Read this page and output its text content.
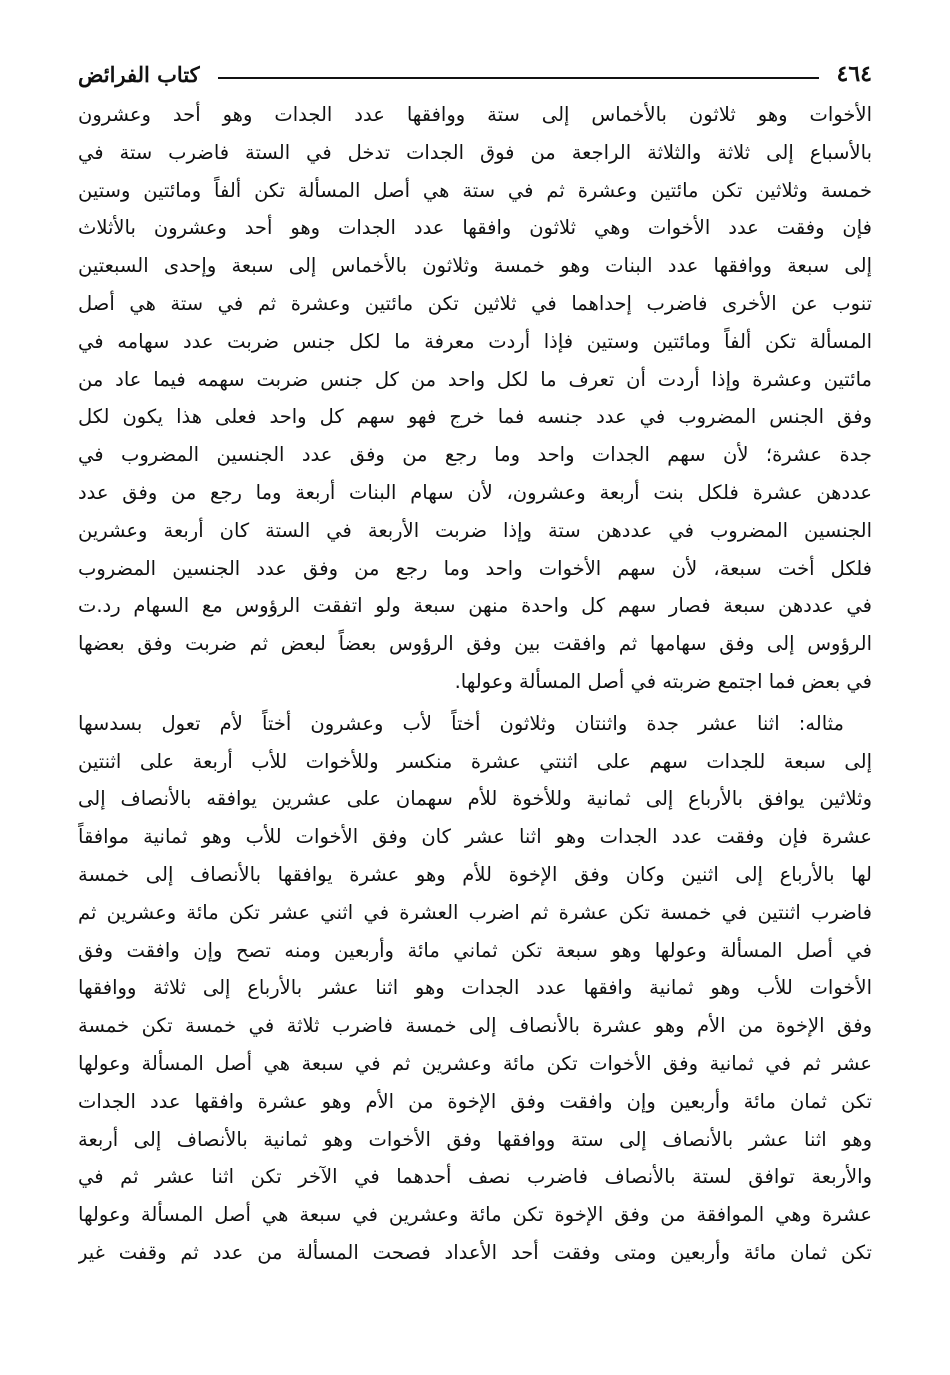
٤٦٤
كتاب الفرائض
الأخوات وهو ثلاثون بالأخماس إلى ستة ووافقها عدد الجدات وهو أحد وعشرون
بالأسباع إلى ثلاثة والثلاثة الراجعة من فوق الجدات تدخل في الستة فاضرب ستة في
خمسة وثلاثين تكن مائتين وعشرة ثم في ستة هي أصل المسألة تكن ألفاً ومائتين وستين
فإن وفقت عدد الأخوات وهي ثلاثون وافقها عدد الجدات وهو أحد وعشرون بالأثلاث
إلى سبعة ووافقها عدد البنات وهو خمسة وثلاثون بالأخماس إلى سبعة وإحدى السبعتين
تنوب عن الأخرى فاضرب إحداهما في ثلاثين تكن مائتين وعشرة ثم في ستة هي أصل
المسألة تكن ألفاً ومائتين وستين فإذا أردت معرفة ما لكل جنس ضربت عدد سهامه في
مائتين وعشرة وإذا أردت أن تعرف ما لكل واحد من كل جنس ضربت سهمه فيما عاد من
وفق الجنس المضروب في عدد جنسه فما خرج فهو سهم كل واحد فعلى هذا يكون لكل
جدة عشرة؛ لأن سهم الجدات واحد وما رجع من وفق عدد الجنسين المضروب في
عددهن عشرة فلكل بنت أربعة وعشرون، لأن سهام البنات أربعة وما رجع من وفق عدد
الجنسين المضروب في عددهن ستة وإذا ضربت الأربعة في الستة كان أربعة وعشرين
فلكل أخت سبعة، لأن سهم الأخوات واحد وما رجع من وفق عدد الجنسين المضروب
في عددهن سبعة فصار سهم كل واحدة منهن سبعة ولو اتفقت الرؤوس مع السهام رد.ت
الرؤوس إلى وفق سهامها ثم وافقت بين وفق الرؤوس بعضاً لبعض ثم ضربت وفق بعضها
في بعض فما اجتمع ضربته في أصل المسألة وعولها.
مثاله: اثنا عشر جدة واثنتان وثلاثون أختاً لأب وعشرون أختاً لأم تعول بسدسها
إلى سبعة للجدات سهم على اثنتي عشرة منكسر وللأخوات للأب أربعة على اثنتين
وثلاثين يوافق بالأرباع إلى ثمانية وللأخوة للأم سهمان على عشرين يوافقه بالأنصاف إلى
عشرة فإن وفقت عدد الجدات وهو اثنا عشر كان وفق الأخوات للأب وهو ثمانية موافقاً
لها بالأرباع إلى اثنين وكان وفق الإخوة للأم وهو عشرة يوافقها بالأنصاف إلى خمسة
فاضرب اثنتين في خمسة تكن عشرة ثم اضرب العشرة في اثني عشر تكن مائة وعشرين ثم
في أصل المسألة وعولها وهو سبعة تكن ثماني مائة وأربعين ومنه تصح وإن وافقت وفق
الأخوات للأب وهو ثمانية وافقها عدد الجدات وهو اثنا عشر بالأرباع إلى ثلاثة ووافقها
وفق الإخوة من الأم وهو عشرة بالأنصاف إلى خمسة فاضرب ثلاثة في خمسة تكن خمسة
عشر ثم في ثمانية وفق الأخوات تكن مائة وعشرين ثم في سبعة هي أصل المسألة وعولها
تكن ثمان مائة وأربعين وإن وافقت وفق الإخوة من الأم وهو عشرة وافقها عدد الجدات
وهو اثنا عشر بالأنصاف إلى ستة ووافقها وفق الأخوات وهو ثمانية بالأنصاف إلى أربعة
والأربعة توافق لستة بالأنصاف فاضرب نصف أحدهما في الآخر تكن اثنا عشر ثم في
عشرة وهي الموافقة من وفق الإخوة تكن مائة وعشرين في سبعة هي أصل المسألة وعولها
تكن ثمان مائة وأربعين ومتى وفقت أحد الأعداد فصحت المسألة من عدد ثم وقفت غير
